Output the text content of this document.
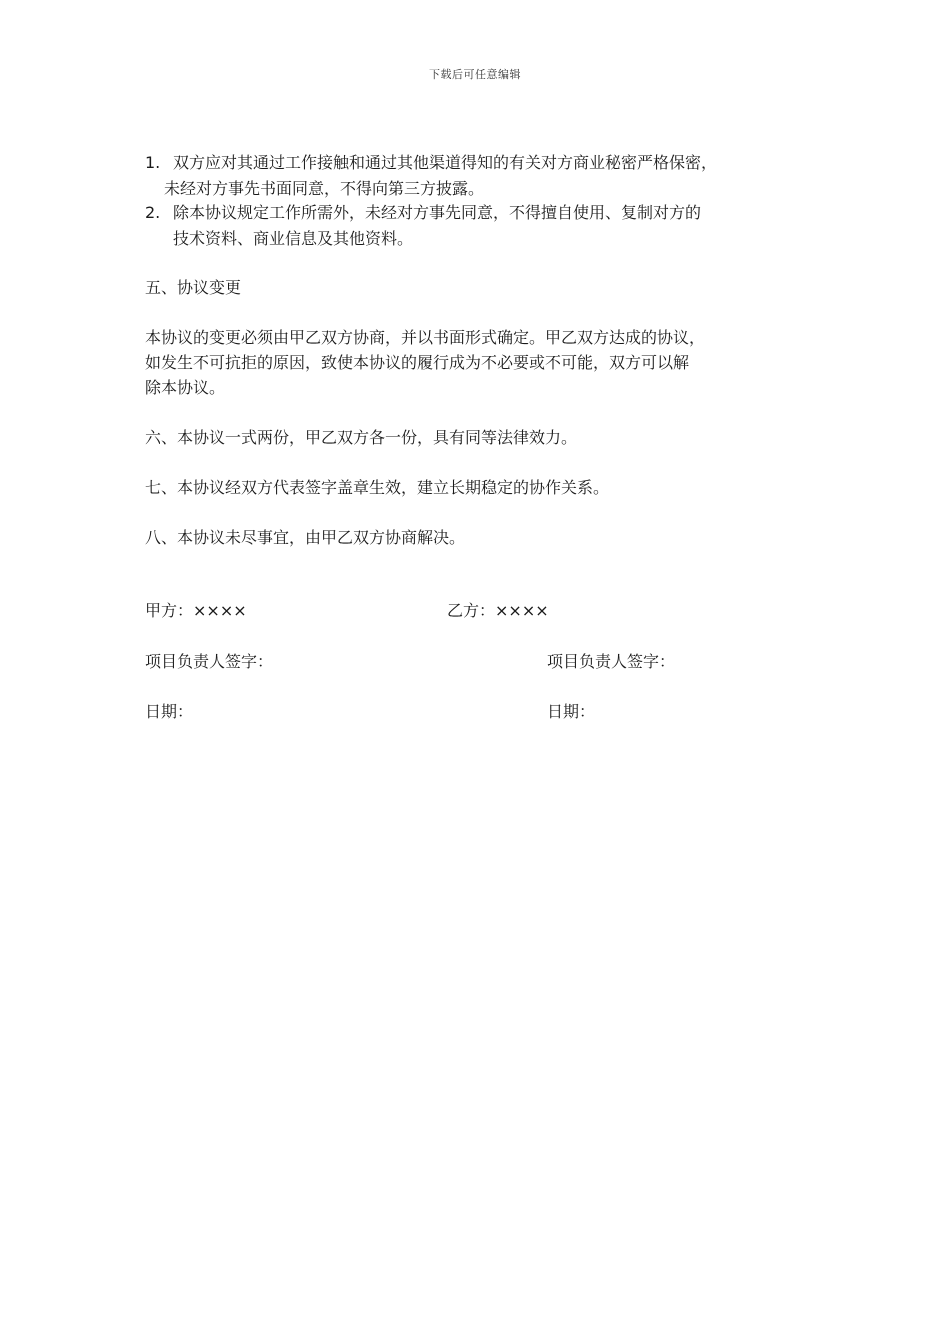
下载后可任意编辑
1. 双方应对其通过工作接触和通过其他渠道得知的有关对方商业秘密严格保密，
未经对方事先书面同意，不得向第三方披露。
2. 除本协议规定工作所需外，未经对方事先同意，不得擅自使用、复制对方的
技术资料、商业信息及其他资料。
五、协议变更
本协议的变更必须由甲乙双方协商，并以书面形式确定。甲乙双方达成的协议，
如发生不可抗拒的原因，致使本协议的履行成为不必要或不可能，双方可以解
除本协议。
六、本协议一式两份，甲乙双方各一份，具有同等法律效力。
七、本协议经双方代表签字盖章生效，建立长期稳定的协作关系。
八、本协议未尽事宜，由甲乙双方协商解决。
甲方：××××	乙方：××××
项目负责人签字：	项目负责人签字：
日期：	日期：
